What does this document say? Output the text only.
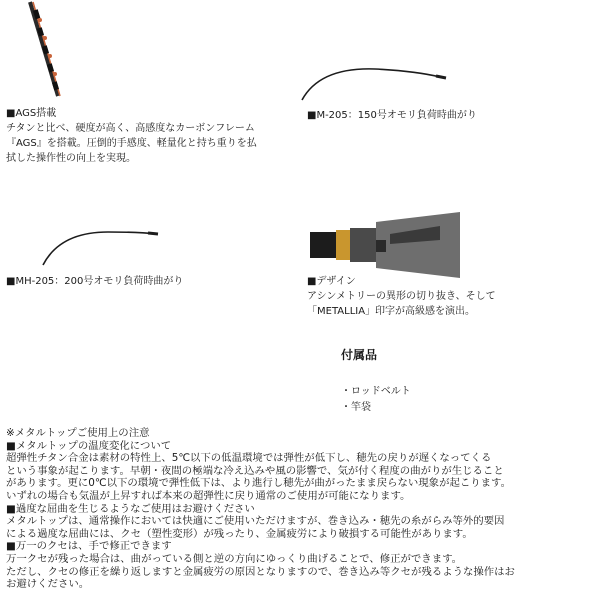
■AGS搭載
チタンと比べ、硬度が高く、高感度なカーボンフレーム
『AGS』を搭載。圧倒的手感度、軽量化と持ち重りを払
拭した操作性の向上を実現。
■M-205：150号オモリ負荷時曲がり
■MH-205：200号オモリ負荷時曲がり	■デザイン
アシンメトリーの異形の切り抜き、そして
「METALLIA」印字が高級感を演出。
付属品
・ロッドベルト
・竿袋
※メタルトップご使用上の注意
■メタルトップの温度変化について
超弾性チタン合金は素材の特性上、5℃以下の低温環境では弾性が低下し、穂先の戻りが遅くなってくる
という事象が起こります。早朝・夜間の極端な冷え込みや風の影響で、気が付く程度の曲がりが生じること
があります。更に0℃以下の環境で弾性低下は、より進行し穂先が曲がったまま戻らない現象が起こります。
いずれの場合も気温が上昇すれば本来の超弾性に戻り通常のご使用が可能になります。
■過度な屈曲を生じるようなご使用はお避けください
メタルトップは、通常操作においては快適にご使用いただけますが、巻き込み・穂先の糸がらみ等外的要因
による過度な屈曲には、クセ（塑性変形）が残ったり、金属疲労により破損する可能性があります。
■万一のクセは、手で修正できます
万一クセが残った場合は、曲がっている側と逆の方向にゆっくり曲げることで、修正ができます。
ただし、クセの修正を繰り返しますと金属疲労の原因となりますので、巻き込み等クセが残るような操作はお
お避けください。
